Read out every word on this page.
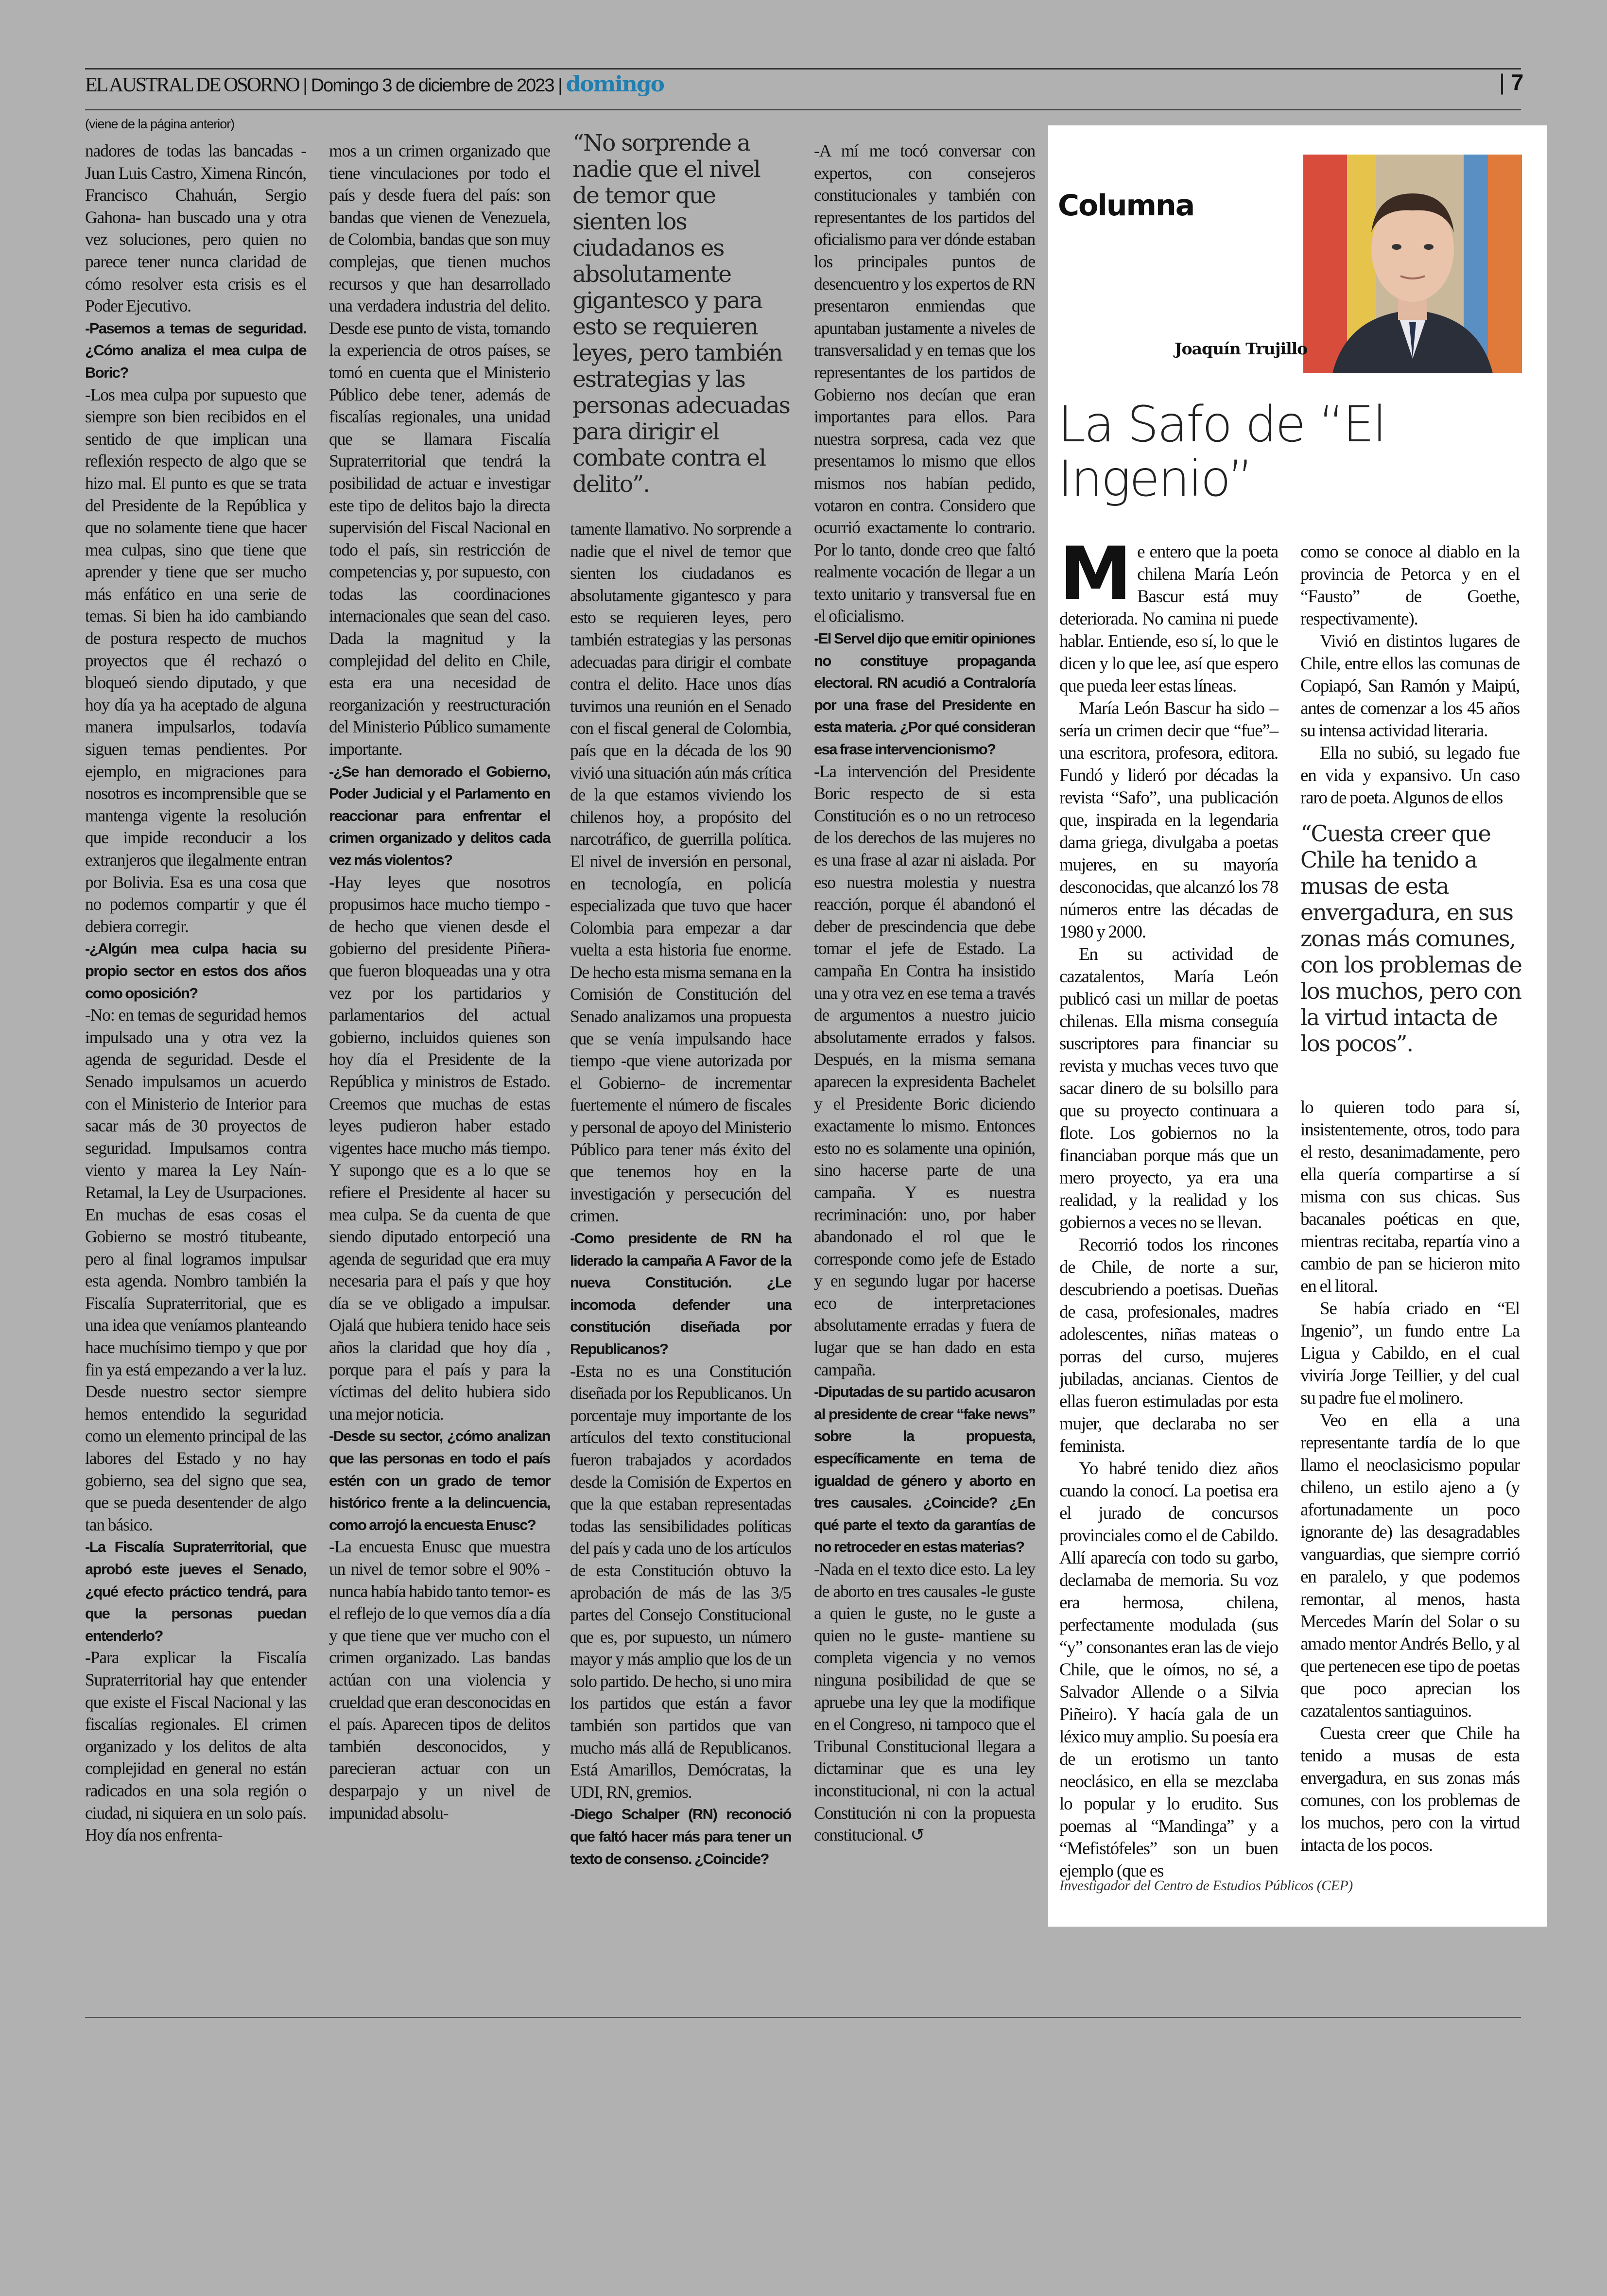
EL AUSTRAL DE OSORNO | Domingo 3 de diciembre de 2023 | domingo	| 7
(viene de la página anterior)

nadores de todas las bancadas -Juan Luis Castro, Ximena Rincón, Francisco Chahuán, Sergio Gahona- han buscado una y otra vez soluciones, pero quien no parece tener nunca claridad de cómo resolver esta crisis es el Poder Ejecutivo.

-Pasemos a temas de seguridad. ¿Cómo analiza el mea culpa de Boric?

-Los mea culpa por supuesto que siempre son bien recibidos en el sentido de que implican una reflexión respecto de algo que se hizo mal. El punto es que se trata del Presidente de la República y que no solamente tiene que hacer mea culpas, sino que tiene que aprender y tiene que ser mucho más enfático en una serie de temas. Si bien ha ido cambiando de postura respecto de muchos proyectos que él rechazó o bloqueó siendo diputado, y que hoy día ya ha aceptado de alguna manera impulsarlos, todavía siguen temas pendientes. Por ejemplo, en migraciones para nosotros es incomprensible que se mantenga vigente la resolución que impide reconducir a los extranjeros que ilegalmente entran por Bolivia. Esa es una cosa que no podemos compartir y que él debiera corregir.

-¿Algún mea culpa hacia su propio sector en estos dos años como oposición?

-No: en temas de seguridad hemos impulsado una y otra vez la agenda de seguridad. Desde el Senado impulsamos un acuerdo con el Ministerio de Interior para sacar más de 30 proyectos de seguridad. Impulsamos contra viento y marea la Ley Naín-Retamal, la Ley de Usurpaciones. En muchas de esas cosas el Gobierno se mostró titubeante, pero al final logramos impulsar esta agenda. Nombro también la Fiscalía Supraterritorial, que es una idea que veníamos planteando hace muchísimo tiempo y que por fin ya está empezando a ver la luz. Desde nuestro sector siempre hemos entendido la seguridad como un elemento principal de las labores del Estado y no hay gobierno, sea del signo que sea, que se pueda desentender de algo tan básico.

-La Fiscalía Supraterritorial, que aprobó este jueves el Senado, ¿qué efecto práctico tendrá, para que la personas puedan entenderlo?

-Para explicar la Fiscalía Supraterritorial hay que entender que existe el Fiscal Nacional y las fiscalías regionales. El crimen organizado y los delitos de alta complejidad en general no están radicados en una sola región o ciudad, ni siquiera en un solo país. Hoy día nos enfrenta-

mos a un crimen organizado que tiene vinculaciones por todo el país y desde fuera del país: son bandas que vienen de Venezuela, de Colombia, bandas que son muy complejas, que tienen muchos recursos y que han desarrollado una verdadera industria del delito. Desde ese punto de vista, tomando la experiencia de otros países, se tomó en cuenta que el Ministerio Público debe tener, además de fiscalías regionales, una unidad que se llamara Fiscalía Supraterritorial que tendrá la posibilidad de actuar e investigar este tipo de delitos bajo la directa supervisión del Fiscal Nacional en todo el país, sin restricción de competencias y, por supuesto, con todas las coordinaciones internacionales que sean del caso. Dada la magnitud y la complejidad del delito en Chile, esta era una necesidad de reorganización y reestructuración del Ministerio Público sumamente importante.

-¿Se han demorado el Gobierno, Poder Judicial y el Parlamento en reaccionar para enfrentar el crimen organizado y delitos cada vez más violentos?

-Hay leyes que nosotros propusimos hace mucho tiempo -de hecho que vienen desde el gobierno del presidente Piñera- que fueron bloqueadas una y otra vez por los partidarios y parlamentarios del actual gobierno, incluidos quienes son hoy día el Presidente de la República y ministros de Estado. Creemos que muchas de estas leyes pudieron haber estado vigentes hace mucho más tiempo. Y supongo que es a lo que se refiere el Presidente al hacer su mea culpa. Se da cuenta de que siendo diputado entorpeció una agenda de seguridad que era muy necesaria para el país y que hoy día se ve obligado a impulsar. Ojalá que hubiera tenido hace seis años la claridad que hoy día , porque para el país y para la víctimas del delito hubiera sido una mejor noticia.

-Desde su sector, ¿cómo analizan que las personas en todo el país estén con un grado de temor histórico frente a la delincuencia, como arrojó la encuesta Enusc?

-La encuesta Enusc que muestra un nivel de temor sobre el 90% -nunca había habido tanto temor- es el reflejo de lo que vemos día a día y que tiene que ver mucho con el crimen organizado. Las bandas actúan con una violencia y crueldad que eran desconocidas en el país. Aparecen tipos de delitos también desconocidos, y parecieran actuar con un desparpajo y un nivel de impunidad absolu-

“No sorprende a nadie que el nivel de temor que sienten los ciudadanos es absolutamente gigantesco y para esto se requieren leyes, pero también estrategias y las personas adecuadas para dirigir el combate contra el delito”.

tamente llamativo. No sorprende a nadie que el nivel de temor que sienten los ciudadanos es absolutamente gigantesco y para esto se requieren leyes, pero también estrategias y las personas adecuadas para dirigir el combate contra el delito. Hace unos días tuvimos una reunión en el Senado con el fiscal general de Colombia, país que en la década de los 90 vivió una situación aún más crítica de la que estamos viviendo los chilenos hoy, a propósito del narcotráfico, de guerrilla política. El nivel de inversión en personal, en tecnología, en policía especializada que tuvo que hacer Colombia para empezar a dar vuelta a esta historia fue enorme. De hecho esta misma semana en la Comisión de Constitución del Senado analizamos una propuesta que se venía impulsando hace tiempo -que viene autorizada por el Gobierno- de incrementar fuertemente el número de fiscales y personal de apoyo del Ministerio Público para tener más éxito del que tenemos hoy en la investigación y persecución del crimen.

-Como presidente de RN ha liderado la campaña A Favor de la nueva Constitución. ¿Le incomoda defender una constitución diseñada por Republicanos?

-Esta no es una Constitución diseñada por los Republicanos. Un porcentaje muy importante de los artículos del texto constitucional fueron trabajados y acordados desde la Comisión de Expertos en que la que estaban representadas todas las sensibilidades políticas del país y cada uno de los artículos de esta Constitución obtuvo la aprobación de más de las 3/5 partes del Consejo Constitucional que es, por supuesto, un número mayor y más amplio que los de un solo partido. De hecho, si uno mira los partidos que están a favor también son partidos que van mucho más allá de Republicanos. Está Amarillos, Demócratas, la UDI, RN, gremios.

-Diego Schalper (RN) reconoció que faltó hacer más para tener un texto de consenso. ¿Coincide?

-A mí me tocó conversar con expertos, con consejeros constitucionales y también con representantes de los partidos del oficialismo para ver dónde estaban los principales puntos de desencuentro y los expertos de RN presentaron enmiendas que apuntaban justamente a niveles de transversalidad y en temas que los representantes de los partidos de Gobierno nos decían que eran importantes para ellos. Para nuestra sorpresa, cada vez que presentamos lo mismo que ellos mismos nos habían pedido, votaron en contra. Considero que ocurrió exactamente lo contrario. Por lo tanto, donde creo que faltó realmente vocación de llegar a un texto unitario y transversal fue en el oficialismo.

-El Servel dijo que emitir opiniones no constituye propaganda electoral. RN acudió a Contraloría por una frase del Presidente en esta materia. ¿Por qué consideran esa frase intervencionismo?

-La intervención del Presidente Boric respecto de si esta Constitución es o no un retroceso de los derechos de las mujeres no es una frase al azar ni aislada. Por eso nuestra molestia y nuestra reacción, porque él abandonó el deber de prescindencia que debe tomar el jefe de Estado. La campaña En Contra ha insistido una y otra vez en ese tema a través de argumentos a nuestro juicio absolutamente errados y falsos. Después, en la misma semana aparecen la expresidenta Bachelet y el Presidente Boric diciendo exactamente lo mismo. Entonces esto no es solamente una opinión, sino hacerse parte de una campaña. Y es nuestra recriminación: uno, por haber abandonado el rol que le corresponde como jefe de Estado y en segundo lugar por hacerse eco de interpretaciones absolutamente erradas y fuera de lugar que se han dado en esta campaña.

-Diputadas de su partido acusaron al presidente de crear “fake news” sobre la propuesta, específicamente en tema de igualdad de género y aborto en tres causales. ¿Coincide? ¿En qué parte el texto da garantías de no retroceder en estas materias?

-Nada en el texto dice esto. La ley de aborto en tres causales -le guste a quien le guste, no le guste a quien no le guste- mantiene su completa vigencia y no vemos ninguna posibilidad de que se apruebe una ley que la modifique en el Congreso, ni tampoco que el Tribunal Constitucional llegara a dictaminar que es una ley inconstitucional, ni con la actual Constitución ni con la propuesta constitucional. ↺

Columna
Joaquín Trujillo
La Safo de “El Ingenio”

Me entero que la poeta chilena María León Bascur está muy deteriorada. No camina ni puede hablar. Entiende, eso sí, lo que le dicen y lo que lee, así que espero que pueda leer estas líneas.

María León Bascur ha sido –sería un crimen decir que “fue”– una escritora, profesora, editora. Fundó y lideró por décadas la revista “Safo”, una publicación que, inspirada en la legendaria dama griega, divulgaba a poetas mujeres, en su mayoría desconocidas, que alcanzó los 78 números entre las décadas de 1980 y 2000.

En su actividad de cazatalentos, María León publicó casi un millar de poetas chilenas. Ella misma conseguía suscriptores para financiar su revista y muchas veces tuvo que sacar dinero de su bolsillo para que su proyecto continuara a flote. Los gobiernos no la financiaban porque más que un mero proyecto, ya era una realidad, y la realidad y los gobiernos a veces no se llevan.

Recorrió todos los rincones de Chile, de norte a sur, descubriendo a poetisas. Dueñas de casa, profesionales, madres adolescentes, niñas mateas o porras del curso, mujeres jubiladas, ancianas. Cientos de ellas fueron estimuladas por esta mujer, que declaraba no ser feminista.

Yo habré tenido diez años cuando la conocí. La poetisa era el jurado de concursos provinciales como el de Cabildo. Allí aparecía con todo su garbo, declamaba de memoria. Su voz era hermosa, chilena, perfectamente modulada (sus “y” consonantes eran las de viejo Chile, que le oímos, no sé, a Salvador Allende o a Silvia Piñeiro). Y hacía gala de un léxico muy amplio. Su poesía era de un erotismo un tanto neoclásico, en ella se mezclaba lo popular y lo erudito. Sus poemas al “Mandinga” y a “Mefistófeles” son un buen ejemplo (que es

como se conoce al diablo en la provincia de Petorca y en el “Fausto” de Goethe, respectivamente).

Vivió en distintos lugares de Chile, entre ellos las comunas de Copiapó, San Ramón y Maipú, antes de comenzar a los 45 años su intensa actividad literaria.

Ella no subió, su legado fue en vida y expansivo. Un caso raro de poeta. Algunos de ellos

“Cuesta creer que Chile ha tenido a musas de esta envergadura, en sus zonas más comunes, con los problemas de los muchos, pero con la virtud intacta de los pocos”.

lo quieren todo para sí, insistentemente, otros, todo para el resto, desanimadamente, pero ella quería compartirse a sí misma con sus chicas. Sus bacanales poéticas en que, mientras recitaba, repartía vino a cambio de pan se hicieron mito en el litoral.

Se había criado en “El Ingenio”, un fundo entre La Ligua y Cabildo, en el cual viviría Jorge Teillier, y del cual su padre fue el molinero.

Veo en ella a una representante tardía de lo que llamo el neoclasicismo popular chileno, un estilo ajeno a (y afortunadamente un poco ignorante de) las desagradables vanguardias, que siempre corrió en paralelo, y que podemos remontar, al menos, hasta Mercedes Marín del Solar o su amado mentor Andrés Bello, y al que pertenecen ese tipo de poetas que poco aprecian los cazatalentos santiaguinos.

Cuesta creer que Chile ha tenido a musas de esta envergadura, en sus zonas más comunes, con los problemas de los muchos, pero con la virtud intacta de los pocos.

Investigador del Centro de Estudios Públicos (CEP)
